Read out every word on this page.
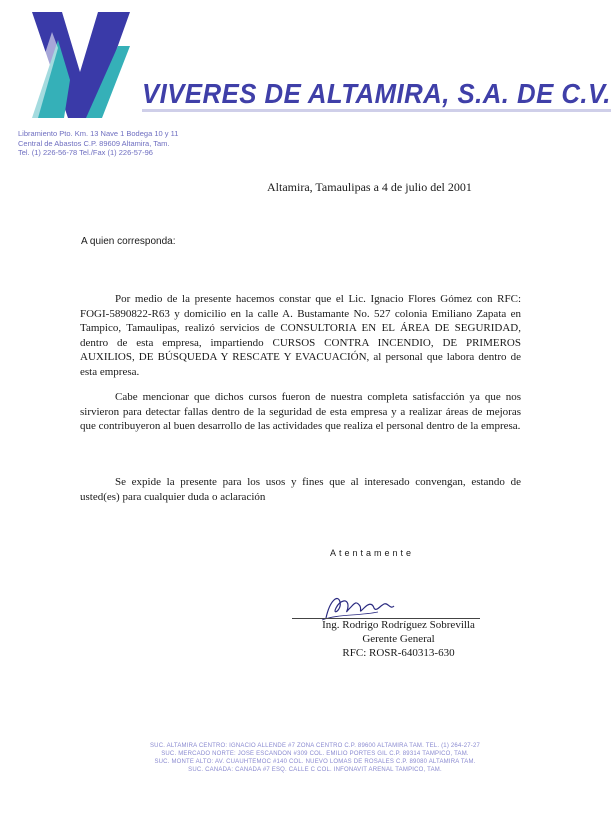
VIVERES DE ALTAMIRA, S.A. DE C.V.
Libramiento Pto. Km. 13 Nave 1 Bodega 10 y 11
Central de Abastos C.P. 89609 Altamira, Tam.
Tel. (1) 226-56-78 Tel./Fax (1) 226-57-96
Altamira, Tamaulipas a 4 de julio del 2001
A quien corresponda:
Por medio de la presente hacemos constar que el Lic. Ignacio Flores Gómez con RFC: FOGI-5890822-R63 y domicilio en la calle A. Bustamante No. 527 colonia Emiliano Zapata en Tampico, Tamaulipas, realizó servicios de CONSULTORIA EN EL ÁREA DE SEGURIDAD, dentro de esta empresa, impartiendo CURSOS CONTRA INCENDIO, DE PRIMEROS AUXILIOS, DE BÚSQUEDA Y RESCATE Y EVACUACIÓN, al personal que labora dentro de esta empresa.
Cabe mencionar que dichos cursos fueron de nuestra completa satisfacción ya que nos sirvieron para detectar fallas dentro de la seguridad de esta empresa y a realizar áreas de mejoras que contribuyeron al buen desarrollo de las actividades que realiza el personal dentro de la empresa.
Se expide la presente para los usos y fines que al interesado convengan, estando de usted(es) para cualquier duda o aclaración
Atentamente
Ing. Rodrigo Rodríguez Sobrevilla
Gerente General
RFC: ROSR-640313-630
SUC. ALTAMIRA CENTRO: IGNACIO ALLENDE #7 ZONA CENTRO C.P. 89600 ALTAMIRA TAM. TEL. (1) 264-27-27
SUC. MERCADO NORTE: JOSÉ ESCANDÓN #309 COL. EMILIO PORTES GIL C.P. 89314 TAMPICO, TAM.
SUC. MONTE ALTO: AV. CUAUHTÉMOC #140 COL. NUEVO LOMAS DE ROSALES C.P. 89080 ALTAMIRA TAM.
SUC. CANADA: CANADA #7 ESQ. CALLE C COL. INFONAVIT ARENAL TAMPICO, TAM.
